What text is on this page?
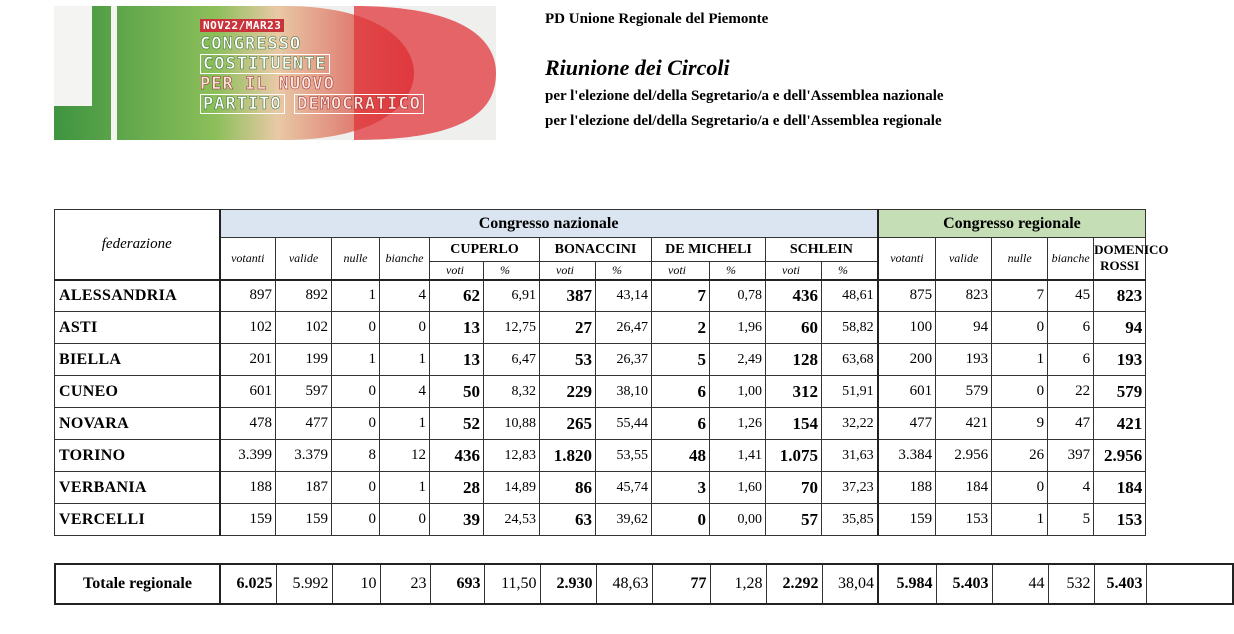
NOV22/MAR23

CONGRESSO
COSTITUENTE
PER IL NUOVO
PARTITO DEMOCRATICO
PD Unione Regionale del Piemonte
Riunione dei Circoli
per l'elezione del/della Segretario/a e dell'Assemblea nazionale
per l'elezione del/della Segretario/a e dell'Assemblea regionale
federazione	Congresso nazionale												Congresso regionale				
	votanti	valide	nulle	bianche	CUPERLO		BONACCINI		DE MICHELI		SCHLEIN		votanti	valide	nulle	bianche	DOMENICO
ROSSI
					voti	%	voti	%	voti	%	voti	%					
ALESSANDRIA	897	892	1	4	62	6,91	387	43,14	7	0,78	436	48,61	875	823	7	45	823
ASTI	102	102	0	0	13	12,75	27	26,47	2	1,96	60	58,82	100	94	0	6	94
BIELLA	201	199	1	1	13	6,47	53	26,37	5	2,49	128	63,68	200	193	1	6	193
CUNEO	601	597	0	4	50	8,32	229	38,10	6	1,00	312	51,91	601	579	0	22	579
NOVARA	478	477	0	1	52	10,88	265	55,44	6	1,26	154	32,22	477	421	9	47	421
TORINO	3.399	3.379	8	12	436	12,83	1.820	53,55	48	1,41	1.075	31,63	3.384	2.956	26	397	2.956
VERBANIA	188	187	0	1	28	14,89	86	45,74	3	1,60	70	37,23	188	184	0	4	184
VERCELLI	159	159	0	0	39	24,53	63	39,62	0	0,00	57	35,85	159	153	1	5	153
Totale regionale	6.025	5.992	10	23	693	11,50	2.930	48,63	77	1,28	2.292	38,04	5.984	5.403	44	532	5.403
